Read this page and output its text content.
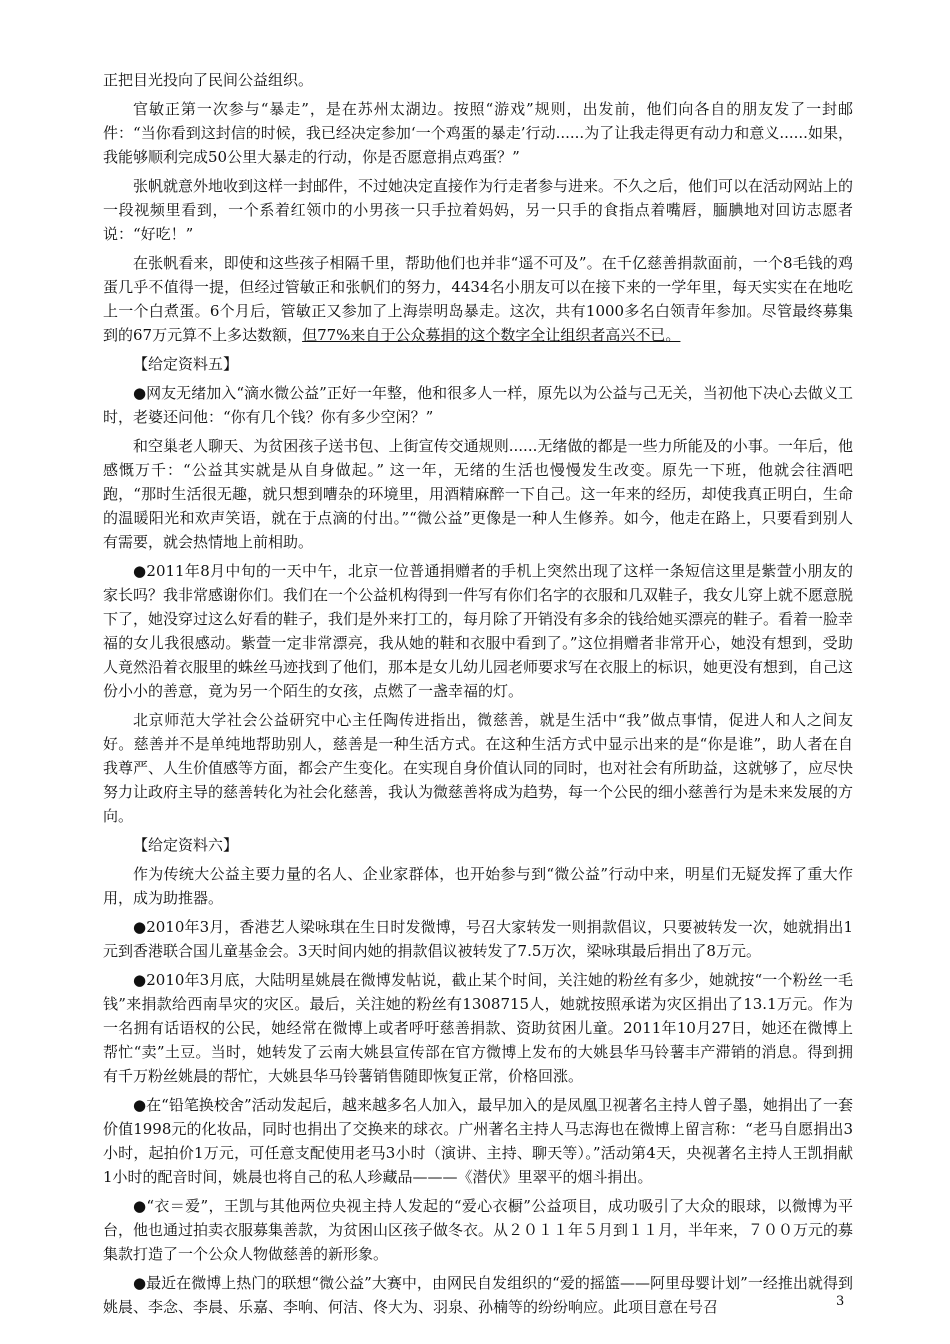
正把目光投向了民间公益组织。

官敏正第一次参与“暴走”，是在苏州太湖边。按照“游戏”规则，出发前，他们向各自的朋友发了一封邮件：“当你看到这封信的时候，我已经决定参加‘一个鸡蛋的暴走’行动......为了让我走得更有动力和意义......如果，我能够顺利完成50公里大暴走的行动，你是否愿意捐点鸡蛋？”

张帆就意外地收到这样一封邮件，不过她决定直接作为行走者参与进来。不久之后，他们可以在活动网站上的一段视频里看到，一个系着红领巾的小男孩一只手拉着妈妈，另一只手的食指点着嘴唇，腼腆地对回访志愿者说：“好吃！”

在张帆看来，即使和这些孩子相隔千里，帮助他们也并非“遥不可及”。在千亿慈善捐款面前，一个8毛钱的鸡蛋几乎不值得一提，但经过管敏正和张帆们的努力，4434名小朋友可以在接下来的一学年里，每天实实在在地吃上一个白煮蛋。6个月后，管敏正又参加了上海崇明岛暴走。这次，共有1000多名白领青年参加。尽管最终募集到的67万元算不上多达数额，但77%来自于公众募捐的这个数字全让组织者高兴不已。

【给定资料五】

●网友无绪加入“滴水微公益”正好一年整，他和很多人一样，原先以为公益与己无关，当初他下决心去做义工时，老婆还问他：“你有几个钱？你有多少空闲？”

和空巢老人聊天、为贫困孩子送书包、上街宣传交通规则......无绪做的都是一些力所能及的小事。一年后，他感慨万千：“公益其实就是从自身做起。” 这一年，无绪的生活也慢慢发生改变。原先一下班，他就会往酒吧跑，“那时生活很无趣，就只想到嘈杂的环境里，用酒精麻醉一下自己。这一年来的经历，却使我真正明白，生命的温暖阳光和欢声笑语，就在于点滴的付出。”“微公益”更像是一种人生修养。如今，他走在路上，只要看到别人有需要，就会热情地上前相助。

●2011年8月中旬的一天中午，北京一位普通捐赠者的手机上突然出现了这样一条短信这里是紫萱小朋友的家长吗？我非常感谢你们。我们在一个公益机构得到一件写有你们名字的衣服和几双鞋子，我女儿穿上就不愿意脱下了，她没穿过这么好看的鞋子，我们是外来打工的，每月除了开销没有多余的钱给她买漂亮的鞋子。看着一脸幸福的女儿我很感动。紫萱一定非常漂亮，我从她的鞋和衣服中看到了。”这位捐赠者非常开心，她没有想到，受助人竟然沿着衣服里的蛛丝马迹找到了他们，那本是女儿幼儿园老师要求写在衣服上的标识，她更没有想到，自己这份小小的善意，竟为另一个陌生的女孩，点燃了一盏幸福的灯。

北京师范大学社会公益研究中心主任陶传进指出，微慈善，就是生活中“我”做点事情，促进人和人之间友好。慈善并不是单纯地帮助别人，慈善是一种生活方式。在这种生活方式中显示出来的是“你是谁”，助人者在自我尊严、人生价值感等方面，都会产生变化。在实现自身价值认同的同时，也对社会有所助益，这就够了，应尽快努力让政府主导的慈善转化为社会化慈善，我认为微慈善将成为趋势，每一个公民的细小慈善行为是未来发展的方向。

【给定资料六】

作为传统大公益主要力量的名人、企业家群体，也开始参与到“微公益”行动中来，明星们无疑发挥了重大作用，成为助推器。

●2010年3月，香港艺人梁咏琪在生日时发微博，号召大家转发一则捐款倡议，只要被转发一次，她就捐出1元到香港联合国儿童基金会。3天时间内她的捐款倡议被转发了7.5万次，梁咏琪最后捐出了8万元。

●2010年3月底，大陆明星姚晨在微博发帖说，截止某个时间，关注她的粉丝有多少，她就按“一个粉丝一毛钱”来捐款给西南旱灾的灾区。最后，关注她的粉丝有1308715人，她就按照承诺为灾区捐出了13.1万元。作为一名拥有话语权的公民，她经常在微博上或者呼吁慈善捐款、资助贫困儿童。2011年10月27日，她还在微博上帮忙“卖”土豆。当时，她转发了云南大姚县宣传部在官方微博上发布的大姚县华马铃薯丰产滞销的消息。得到拥有千万粉丝姚晨的帮忙，大姚县华马铃薯销售随即恢复正常，价格回涨。

●在“铅笔换校舍”活动发起后，越来越多名人加入，最早加入的是凤凰卫视著名主持人曾子墨，她捐出了一套价值1998元的化妆品，同时也捐出了交换来的球衣。广州著名主持人马志海也在微博上留言称：“老马自愿捐出3小时，起拍价1万元，可任意支配使用老马3小时（演讲、主持、聊天等）。”活动第4天，央视著名主持人王凯捐献1小时的配音时间，姚晨也将自己的私人珍藏品———《潜伏》里翠平的烟斗捐出。

●“衣＝爱”，王凯与其他两位央视主持人发起的“爱心衣橱”公益项目，成功吸引了大众的眼球，以微博为平台，他也通过拍卖衣服募集善款，为贫困山区孩子做冬衣。从２０１１年５月到１１月，半年来，７００万元的募集款打造了一个公众人物做慈善的新形象。

●最近在微博上热门的联想“微公益”大赛中，由网民自发组织的“爱的摇篮——阿里母婴计划”一经推出就得到姚晨、李念、李晨、乐嘉、李响、何洁、佟大为、羽泉、孙楠等的纷纷响应。此项目意在号召	3
